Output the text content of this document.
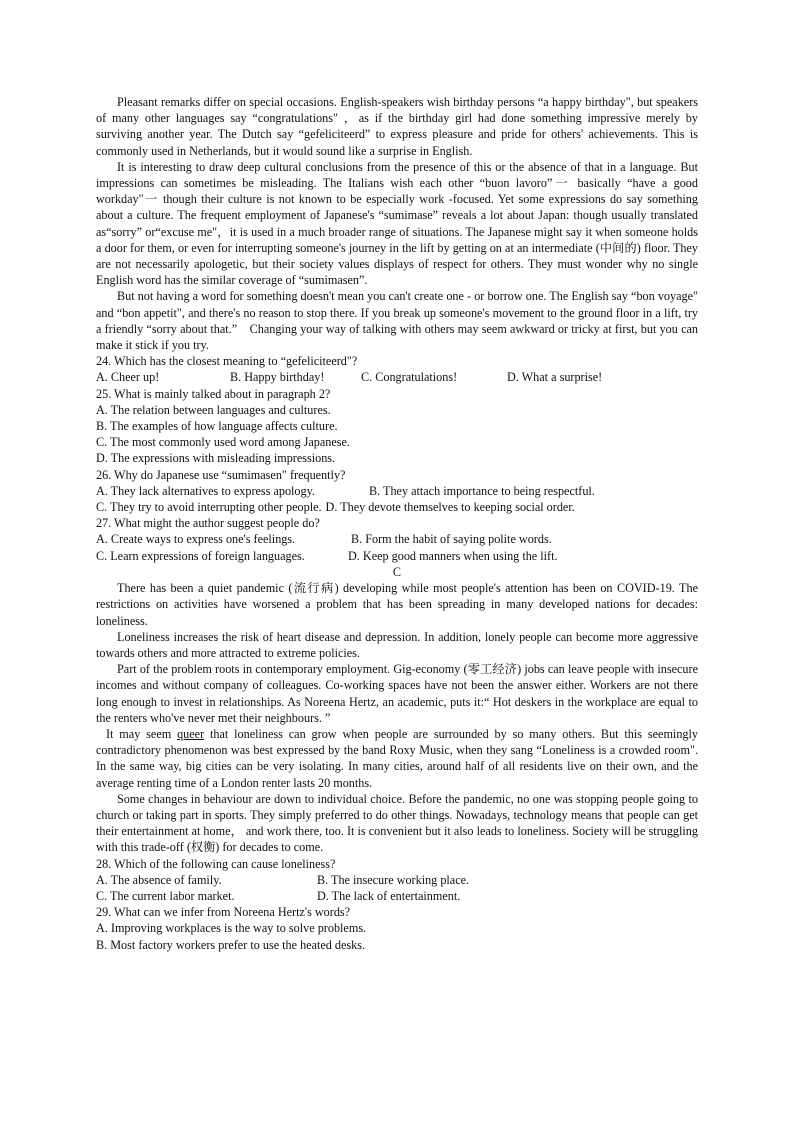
Pleasant remarks differ on special occasions. English-speakers wish birthday persons “a happy birthday", but speakers of many other languages say “congratulations" ，as if the birthday girl had done something impressive merely by surviving another year. The Dutch say “gefeliciteerd” to express pleasure and pride for others' achievements. This is commonly used in Netherlands, but it would sound like a surprise in English.

It is interesting to draw deep cultural conclusions from the presence of this or the absence of that in a language. But impressions can sometimes be misleading. The Italians wish each other “buon lavoro”一 basically “have a good workday"一 though their culture is not known to be especially work -focused. Yet some expressions do say something about a culture. The frequent employment of Japanese's “sumimase” reveals a lot about Japan: though usually translated as“sorry” or“excuse me"，it is used in a much broader range of situations. The Japanese might say it when someone holds a door for them, or even for interrupting someone's journey in the lift by getting on at an intermediate (中间的) floor. They are not necessarily apologetic, but their society values displays of respect for others. They must wonder why no single English word has the similar coverage of “sumimasen”.

But not having a word for something doesn't mean you can't create one - or borrow one. The English say “bon voyage" and “bon appetit", and there's no reason to stop there. If you break up someone's movement to the ground floor in a lift, try a friendly “sorry about that.”　Changing your way of talking with others may seem awkward or tricky at first, but you can make it stick if you try.

24. Which has the closest meaning to “gefeliciteerd"?

A. Cheer up!	B. Happy birthday!	C. Congratulations!	D. What a surprise!

25. What is mainly talked about in paragraph 2?

A. The relation between languages and cultures.

B. The examples of how language affects culture.

C. The most commonly used word among Japanese.

D. The expressions with misleading impressions.

26. Why do Japanese use “sumimasen" frequently?

A. They lack alternatives to express apology.	B. They attach importance to being respectful.
C. They try to avoid interrupting other people. D. They devote themselves to keeping social order.

27. What might the author suggest people do?

A. Create ways to express one's feelings.	B. Form the habit of saying polite words.
C. Learn expressions of foreign languages.	D. Keep good manners when using the lift.

C

There has been a quiet pandemic (流行病) developing while most people's attention has been on COVID-19. The restrictions on activities have worsened a problem that has been spreading in many developed nations for decades: loneliness.

Loneliness increases the risk of heart disease and depression. In addition, lonely people can become more aggressive towards others and more attracted to extreme policies.

Part of the problem roots in contemporary employment. Gig-economy (零工经济) jobs can leave people with insecure incomes and without company of colleagues. Co-working spaces have not been the answer either. Workers are not there long enough to invest in relationships. As Noreena Hertz, an academic, puts it:“ Hot deskers in the workplace are equal to the renters who've never met their neighbours. ”

It may seem queer that loneliness can grow when people are surrounded by so many others. But this seemingly contradictory phenomenon was best expressed by the band Roxy Music, when they sang “Loneliness is a crowded room". In the same way, big cities can be very isolating. In many cities, around half of all residents live on their own, and the average renting time of a London renter lasts 20 months.

Some changes in behaviour are down to individual choice. Before the pandemic, no one was stopping people going to church or taking part in sports. They simply preferred to do other things. Nowadays, technology means that people can get their entertainment at home， and work there, too. It is convenient but it also leads to loneliness. Society will be struggling with this trade-off (权衡) for decades to come.

28. Which of the following can cause loneliness?

A. The absence of family.	B. The insecure working place.
C. The current labor market.	D. The lack of entertainment.

29. What can we infer from Noreena Hertz's words?

A. Improving workplaces is the way to solve problems.

B. Most factory workers prefer to use the heated desks.
